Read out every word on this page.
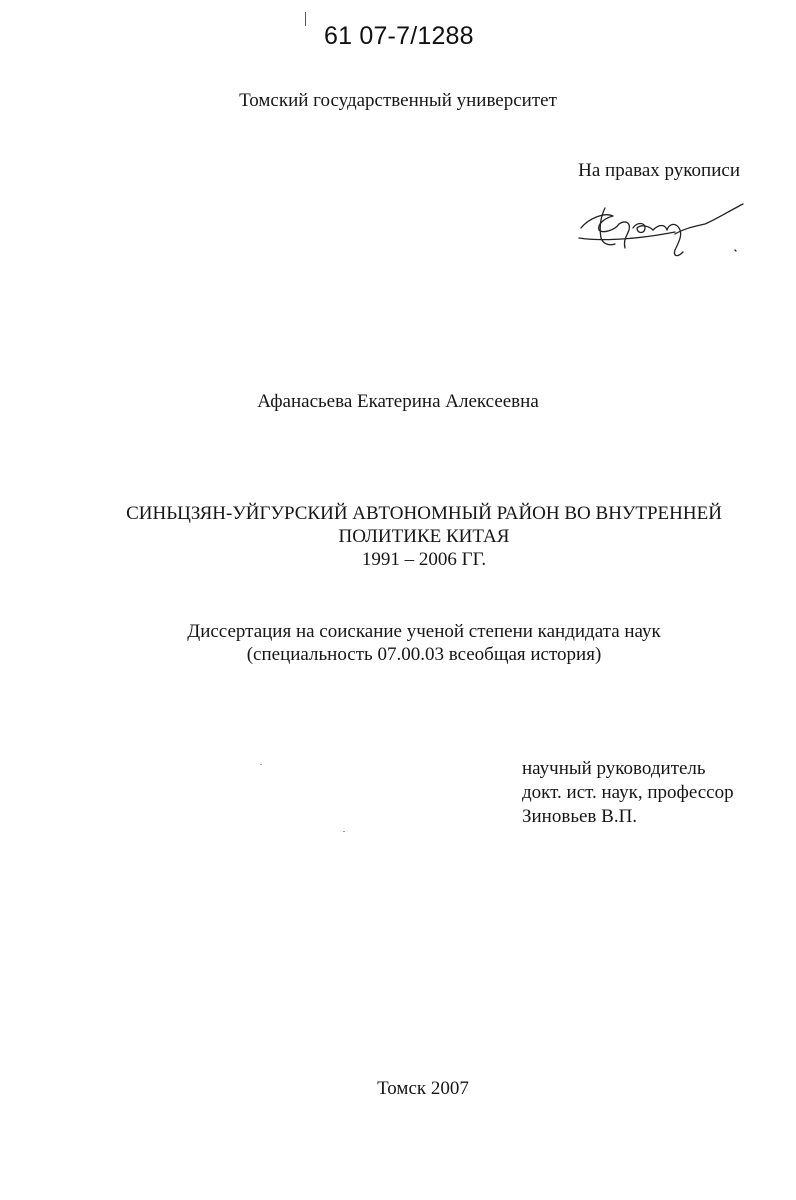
61 07-7/1288
Томский государственный университет
На правах рукописи
Афанасьева Екатерина Алексеевна
СИНЬЦЗЯН-УЙГУРСКИЙ АВТОНОМНЫЙ РАЙОН ВО ВНУТРЕННЕЙ
ПОЛИТИКЕ КИТАЯ
1991 – 2006 ГГ.
Диссертация на соискание ученой степени кандидата наук
(специальность 07.00.03 всеобщая история)
научный руководитель
докт. ист. наук, профессор
Зиновьев В.П.
Томск 2007
